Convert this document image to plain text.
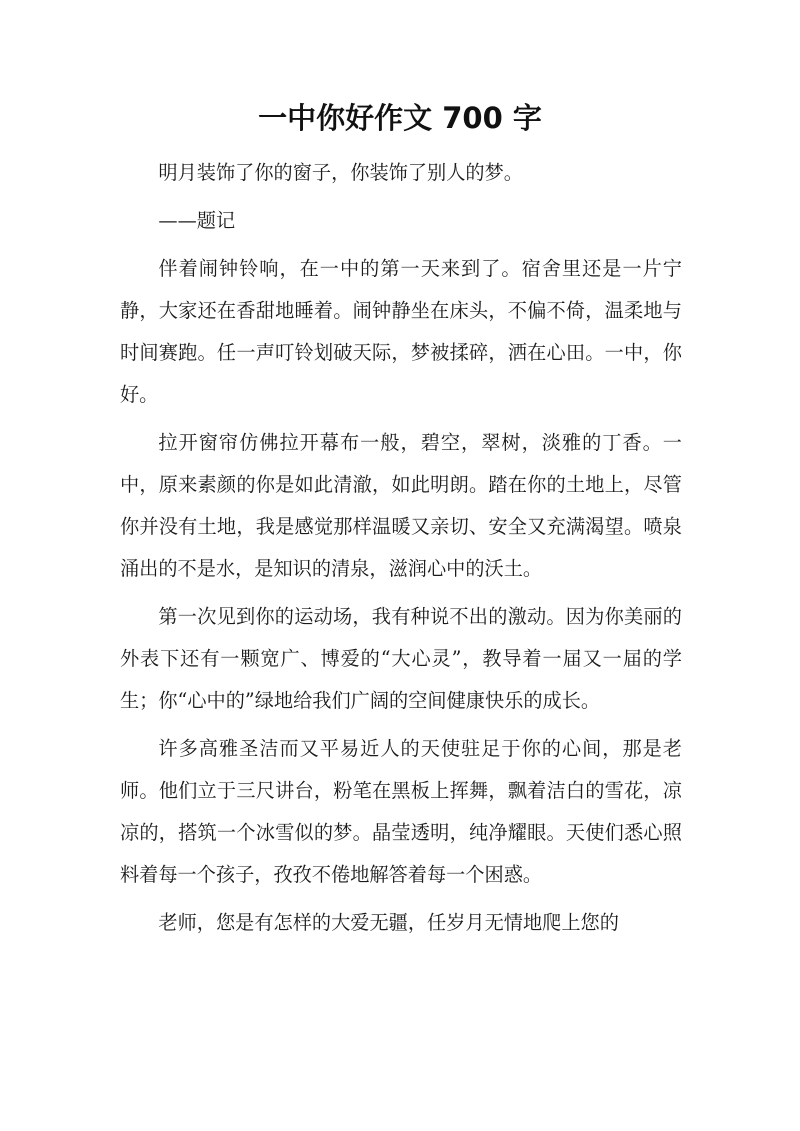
一中你好作文 700 字

明月装饰了你的窗子，你装饰了别人的梦。

——题记

伴着闹钟铃响，在一中的第一天来到了。宿舍里还是一片宁静，大家还在香甜地睡着。闹钟静坐在床头，不偏不倚，温柔地与时间赛跑。任一声叮铃划破天际，梦被揉碎，洒在心田。一中，你好。

拉开窗帘仿佛拉开幕布一般，碧空，翠树，淡雅的丁香。一中，原来素颜的你是如此清澈，如此明朗。踏在你的土地上，尽管你并没有土地，我是感觉那样温暖又亲切、安全又充满渴望。喷泉涌出的不是水，是知识的清泉，滋润心中的沃土。

第一次见到你的运动场，我有种说不出的激动。因为你美丽的外表下还有一颗宽广、博爱的“大心灵”，教导着一届又一届的学生；你“心中的”绿地给我们广阔的空间健康快乐的成长。

许多高雅圣洁而又平易近人的天使驻足于你的心间，那是老师。他们立于三尺讲台，粉笔在黑板上挥舞，飘着洁白的雪花，凉凉的，搭筑一个冰雪似的梦。晶莹透明，纯净耀眼。天使们悉心照料着每一个孩子，孜孜不倦地解答着每一个困惑。

老师，您是有怎样的大爱无疆，任岁月无情地爬上您的
